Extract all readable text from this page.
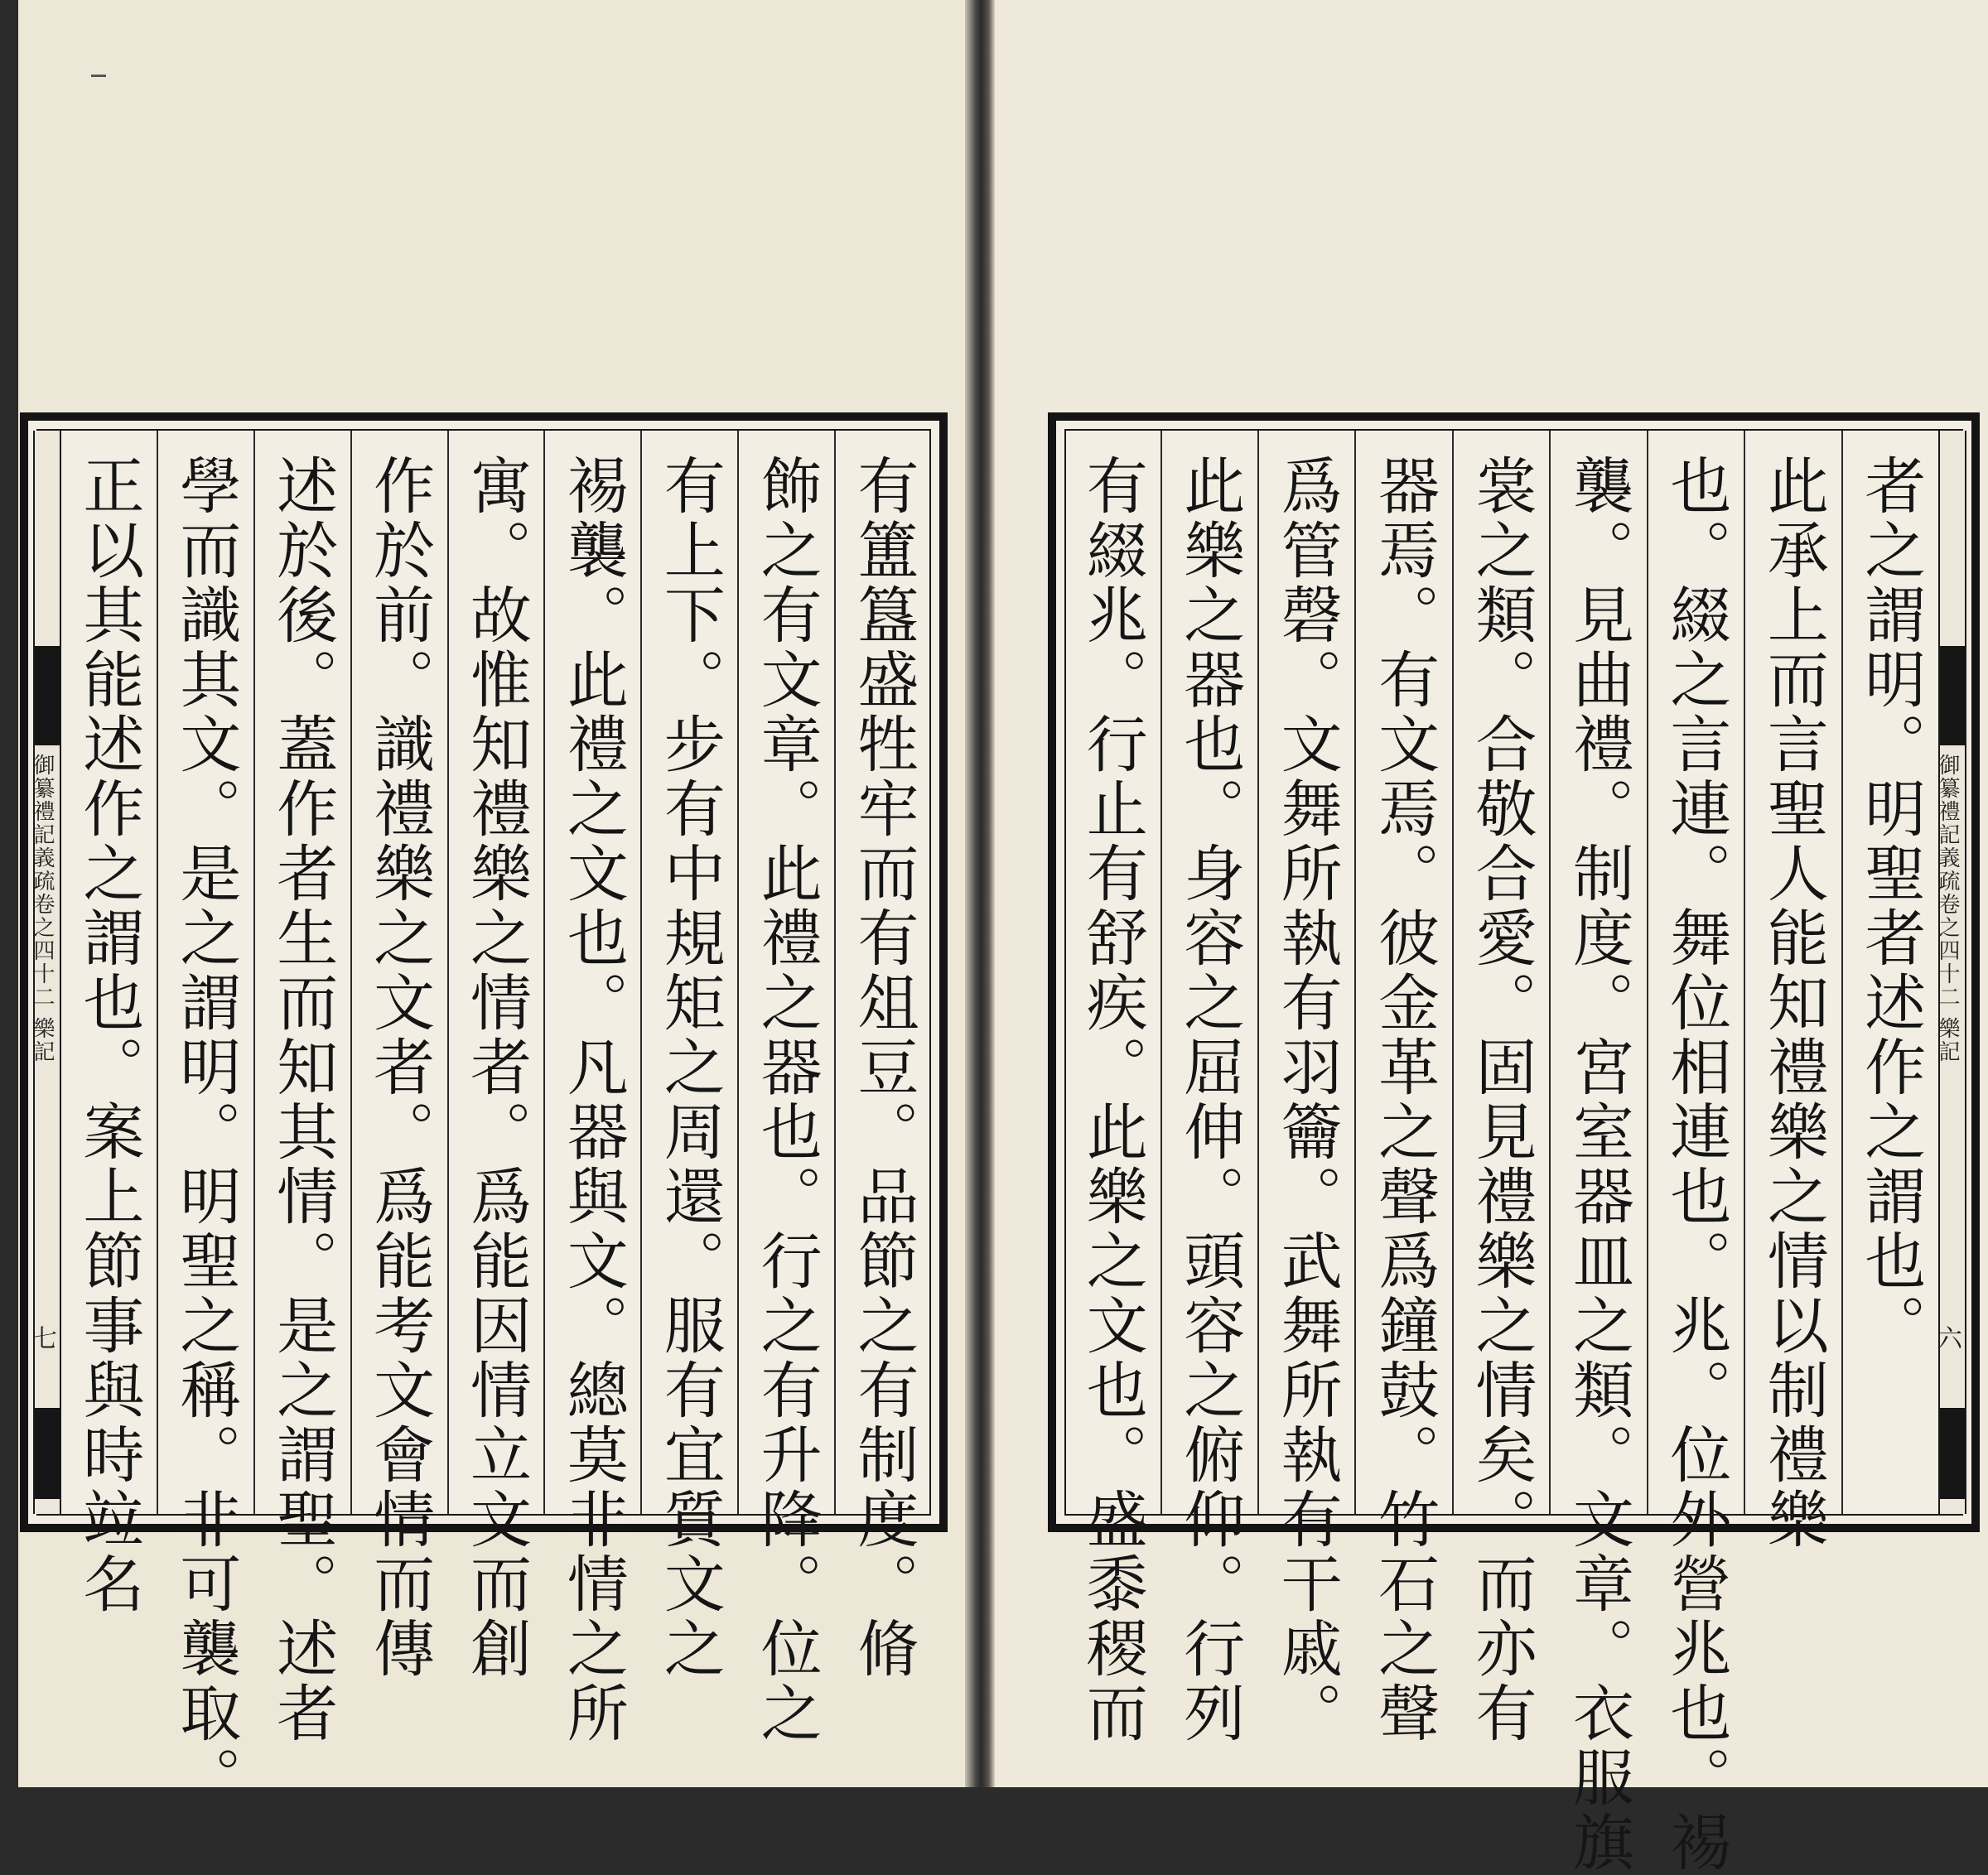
御纂禮記義疏卷之四十二 樂記
七	有簠簋盛牲牢而有俎豆。品節之有制度。脩
飾之有文章。此禮之器也。行之有升降。位之
有上下。步有中規矩之周還。服有宜質文之
裼襲。此禮之文也。凡器與文。總莫非情之所
寓。故惟知禮樂之情者。爲能因情立文而創
作於前。識禮樂之文者。爲能考文會情而傳
述於後。蓋作者生而知其情。是之謂聖。述者
學而識其文。是之謂明。明聖之稱。非可襲取。
正以其能述作之謂也。案上節事與時竝名	御纂禮記義疏卷之四十二 樂記
六
者之謂明。明聖者述作之謂也。
此承上而言聖人能知禮樂之情以制禮樂
也。綴之言連。舞位相連也。兆。位外營兆也。裼
襲。見曲禮。制度。宮室器皿之類。文章。衣服旗
裳之類。合敬合愛。固見禮樂之情矣。而亦有
器焉。有文焉。彼金革之聲爲鐘鼓。竹石之聲
爲管磬。文舞所執有羽籥。武舞所執有干戚。
此樂之器也。身容之屈伸。頭容之俯仰。行列
有綴兆。行止有舒疾。此樂之文也。盛黍稷而
